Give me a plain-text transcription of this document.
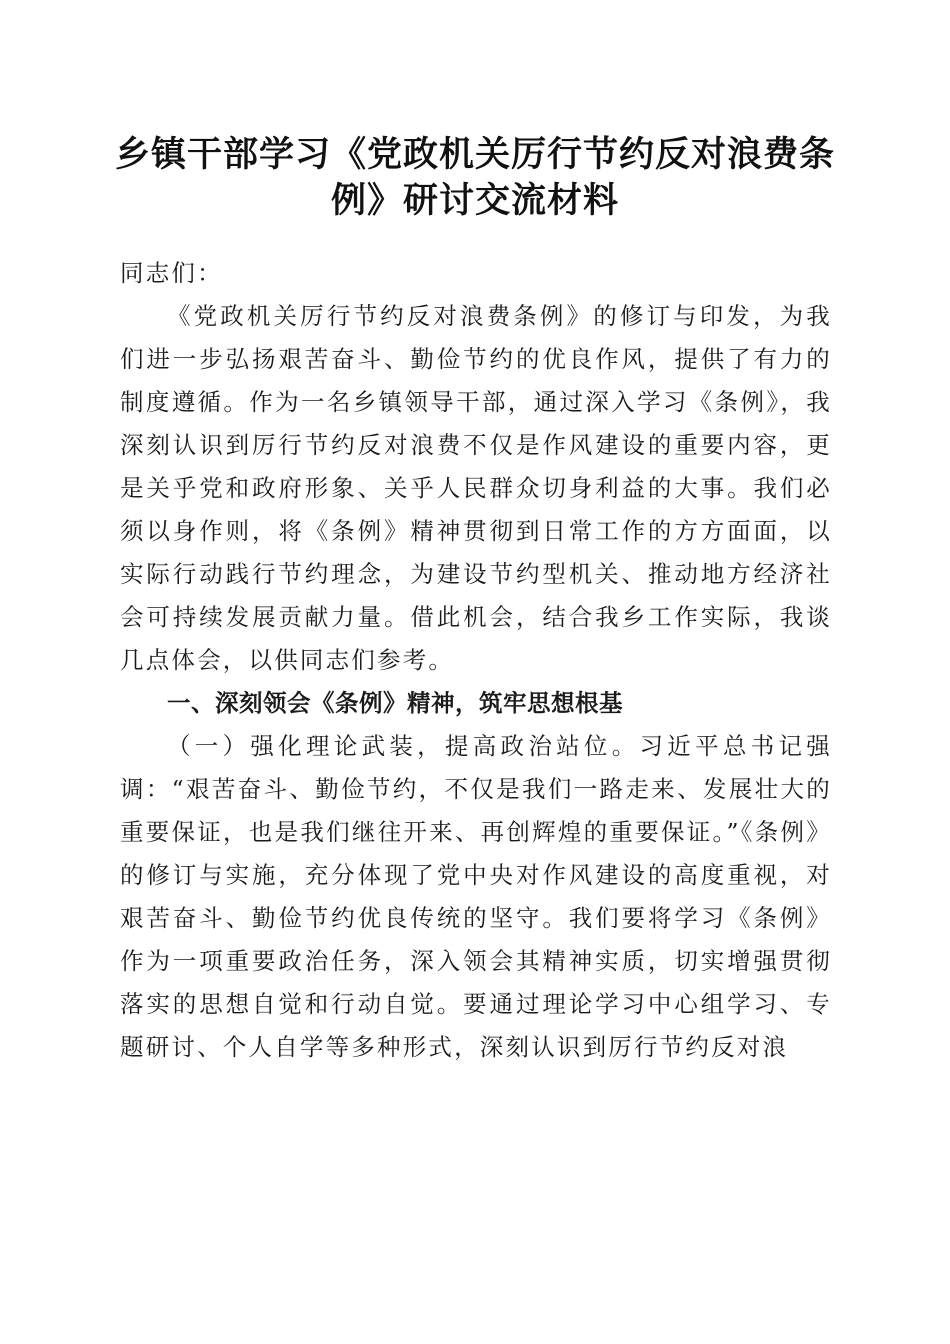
乡镇干部学习《党政机关厉行节约反对浪费条例》研讨交流材料

同志们：

《党政机关厉行节约反对浪费条例》的修订与印发，为我们进一步弘扬艰苦奋斗、勤俭节约的优良作风，提供了有力的制度遵循。作为一名乡镇领导干部，通过深入学习《条例》，我深刻认识到厉行节约反对浪费不仅是作风建设的重要内容，更是关乎党和政府形象、关乎人民群众切身利益的大事。我们必须以身作则，将《条例》精神贯彻到日常工作的方方面面，以实际行动践行节约理念，为建设节约型机关、推动地方经济社会可持续发展贡献力量。借此机会，结合我乡工作实际，我谈几点体会，以供同志们参考。

一、深刻领会《条例》精神，筑牢思想根基

（一）强化理论武装，提高政治站位。习近平总书记强调：“艰苦奋斗、勤俭节约，不仅是我们一路走来、发展壮大的重要保证，也是我们继往开来、再创辉煌的重要保证。”《条例》的修订与实施，充分体现了党中央对作风建设的高度重视，对艰苦奋斗、勤俭节约优良传统的坚守。我们要将学习《条例》作为一项重要政治任务，深入领会其精神实质，切实增强贯彻落实的思想自觉和行动自觉。要通过理论学习中心组学习、专题研讨、个人自学等多种形式，深刻认识到厉行节约反对浪
